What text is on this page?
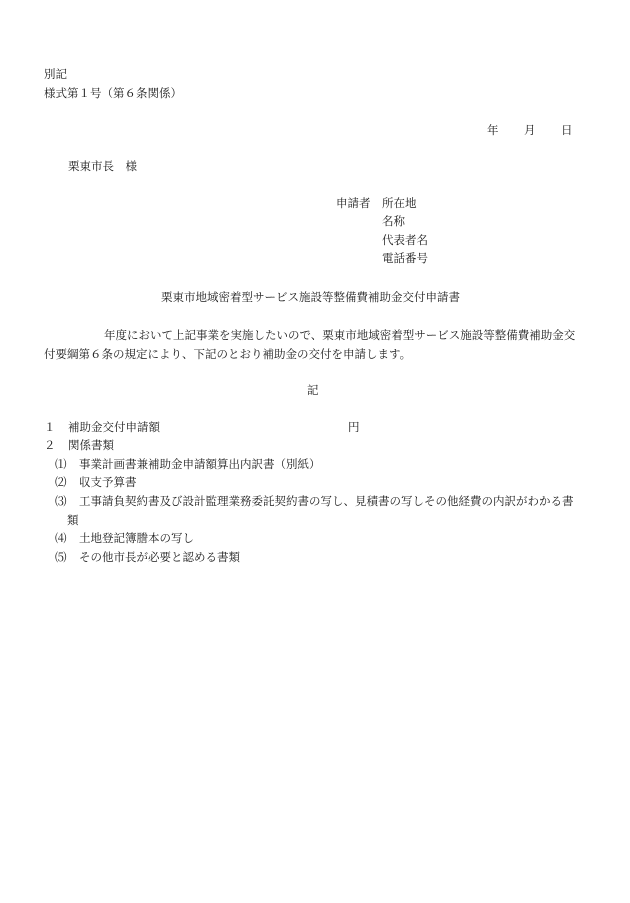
別記
様式第１号（第６条関係）
年 月 日
栗東市長　様
申請者 所在地
名称
代表者名
電話番号
栗東市地域密着型サービス施設等整備費補助金交付申請書
年度において上記事業を実施したいので、栗東市地域密着型サービス施設等整備費補助金交付要綱第６条の規定により、下記のとおり補助金の交付を申請します。
記
１ 補助金交付申請額	円
２ 関係書類
⑴ 事業計画書兼補助金申請額算出内訳書（別紙）
⑵ 収支予算書
⑶ 工事請負契約書及び設計監理業務委託契約書の写し、見積書の写しその他経費の内訳がわかる書
類
⑷ 土地登記簿謄本の写し
⑸ その他市長が必要と認める書類
